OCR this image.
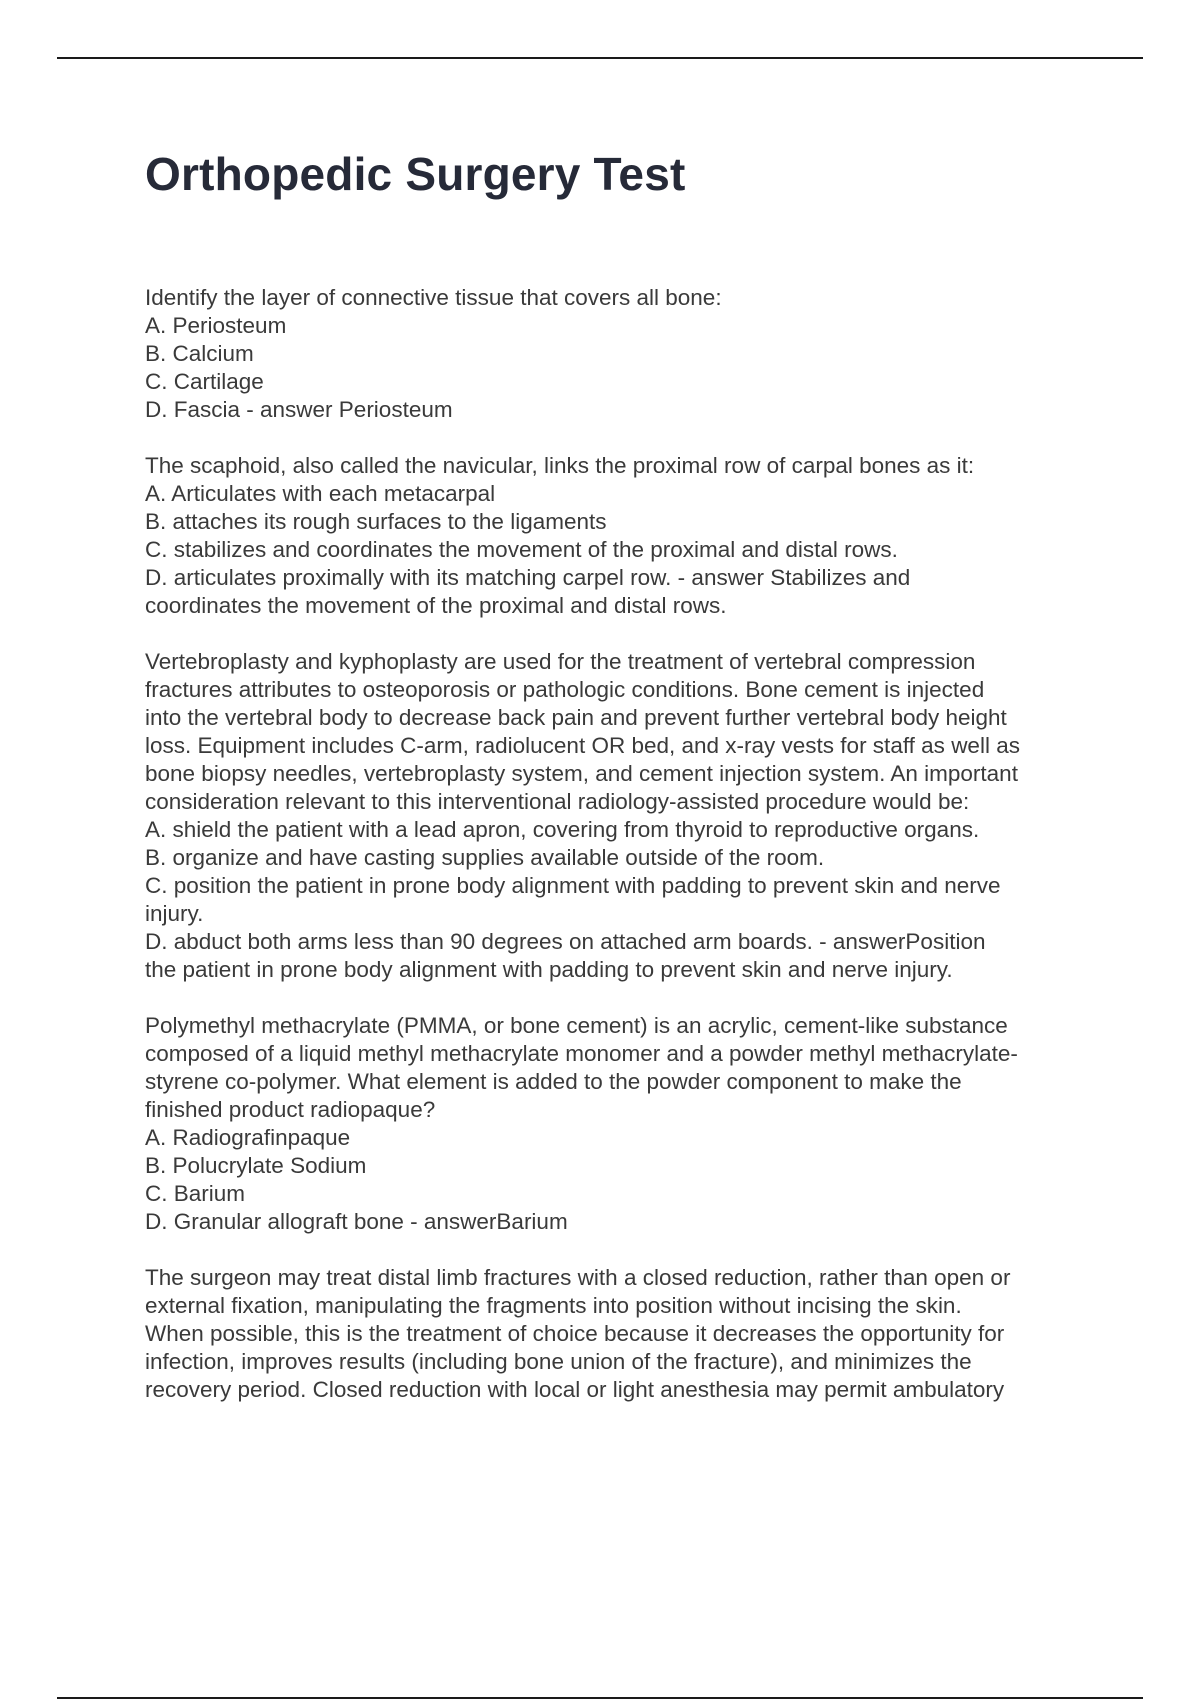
Orthopedic Surgery Test
Identify the layer of connective tissue that covers all bone:
A. Periosteum
B. Calcium
C. Cartilage
D. Fascia - answer Periosteum
The scaphoid, also called the navicular, links the proximal row of carpal bones as it:
A. Articulates with each metacarpal
B. attaches its rough surfaces to the ligaments
C. stabilizes and coordinates the movement of the proximal and distal rows.
D. articulates proximally with its matching carpel row. - answer Stabilizes and
coordinates the movement of the proximal and distal rows.
Vertebroplasty and kyphoplasty are used for the treatment of vertebral compression
fractures attributes to osteoporosis or pathologic conditions. Bone cement is injected
into the vertebral body to decrease back pain and prevent further vertebral body height
loss. Equipment includes C-arm, radiolucent OR bed, and x-ray vests for staff as well as
bone biopsy needles, vertebroplasty system, and cement injection system. An important
consideration relevant to this interventional radiology-assisted procedure would be:
A. shield the patient with a lead apron, covering from thyroid to reproductive organs.
B. organize and have casting supplies available outside of the room.
C. position the patient in prone body alignment with padding to prevent skin and nerve
injury.
D. abduct both arms less than 90 degrees on attached arm boards. - answerPosition
the patient in prone body alignment with padding to prevent skin and nerve injury.
Polymethyl methacrylate (PMMA, or bone cement) is an acrylic, cement-like substance
composed of a liquid methyl methacrylate monomer and a powder methyl methacrylate-
styrene co-polymer. What element is added to the powder component to make the
finished product radiopaque?
A. Radiografinpaque
B. Polucrylate Sodium
C. Barium
D. Granular allograft bone - answerBarium
The surgeon may treat distal limb fractures with a closed reduction, rather than open or
external fixation, manipulating the fragments into position without incising the skin.
When possible, this is the treatment of choice because it decreases the opportunity for
infection, improves results (including bone union of the fracture), and minimizes the
recovery period. Closed reduction with local or light anesthesia may permit ambulatory
